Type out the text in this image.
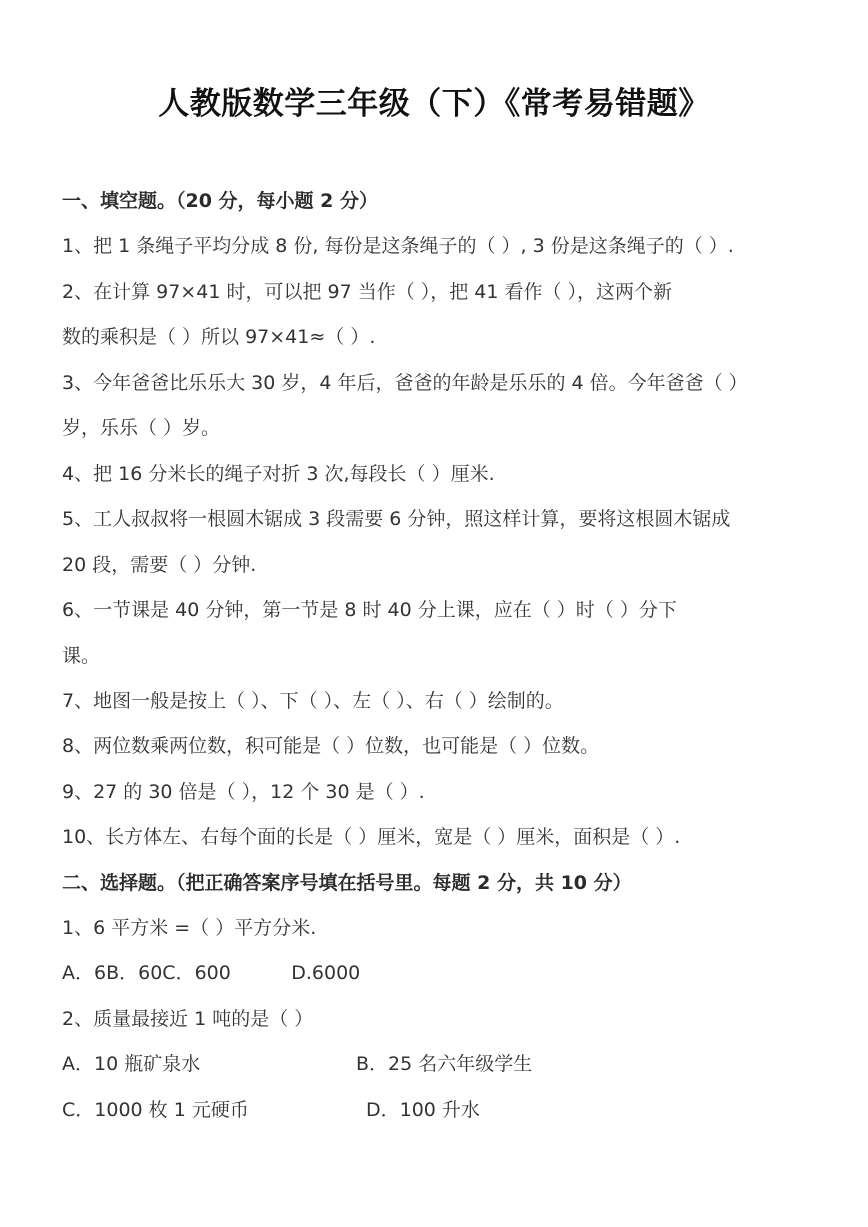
人教版数学三年级（下）《常考易错题》
一、填空题。（20 分，每小题 2 分）
1、把 1 条绳子平均分成 8 份, 每份是这条绳子的（ ）, 3 份是这条绳子的（ ）.
2、在计算 97×41 时，可以把 97 当作（ ），把 41 看作（ ），这两个新
数的乘积是（ ）所以 97×41≈（ ）.
3、今年爸爸比乐乐大 30 岁，4 年后，爸爸的年龄是乐乐的 4 倍。今年爸爸（ ）
岁，乐乐（ ）岁。
4、把 16 分米长的绳子对折 3 次,每段长（ ）厘米.
5、工人叔叔将一根圆木锯成 3 段需要 6 分钟，照这样计算，要将这根圆木锯成
20 段，需要（ ）分钟.
6、一节课是 40 分钟，第一节是 8 时 40 分上课，应在（ ）时（ ）分下
课。
7、地图一般是按上（ ）、下（ ）、左（ ）、右（ ）绘制的。
8、两位数乘两位数，积可能是（ ）位数，也可能是（ ）位数。
9、27 的 30 倍是（ ），12 个 30 是（ ）.
10、长方体左、右每个面的长是（ ）厘米，宽是（ ）厘米，面积是（ ）.
二、选择题。（把正确答案序号填在括号里。每题 2 分，共 10 分）
1、6 平方米 =（ ）平方分米.
A．6B．60C．600          D.6000
2、质量最接近 1 吨的是（ ）
A．10 瓶矿泉水	B．25 名六年级学生
C．1000 枚 1 元硬币	D．100 升水
